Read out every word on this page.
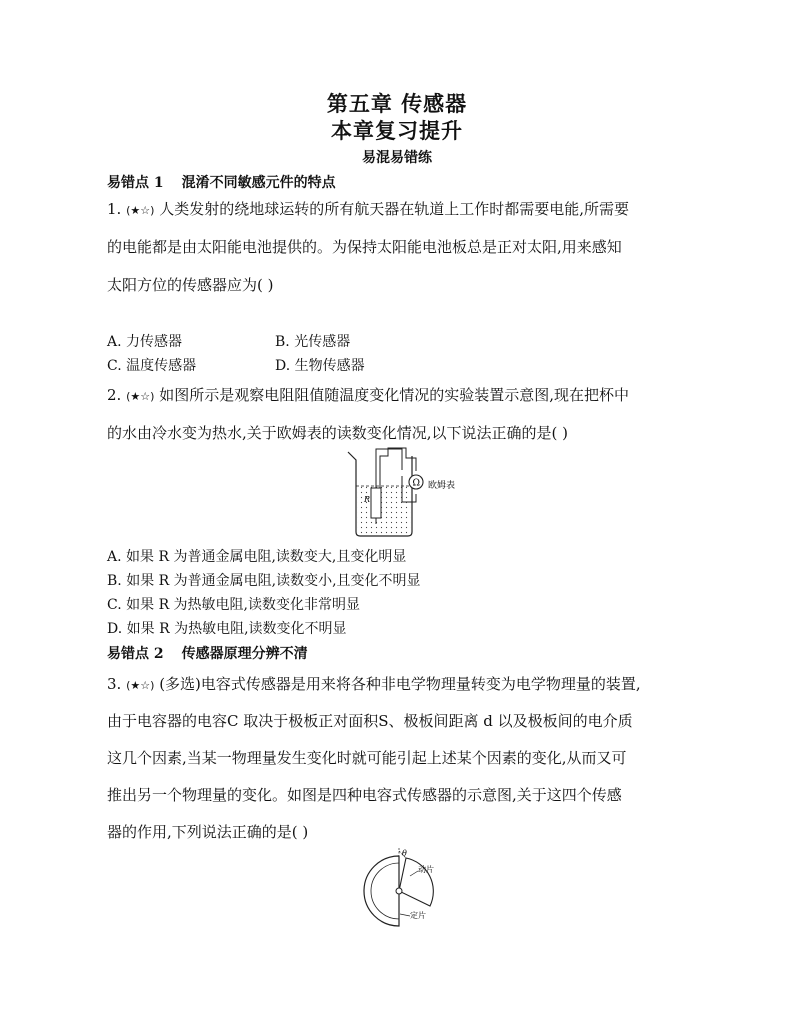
第五章 传感器
本章复习提升
易混易错练
易错点 1 混淆不同敏感元件的特点
1. (★☆) 人类发射的绕地球运转的所有航天器在轨道上工作时都需要电能,所需要
的电能都是由太阳能电池提供的。为保持太阳能电池板总是正对太阳,用来感知
太阳方位的传感器应为( )
A. 力传感器	B. 光传感器
C. 温度传感器	D. 生物传感器
2. (★☆) 如图所示是观察电阻阻值随温度变化情况的实验装置示意图,现在把杯中
的水由冷水变为热水,关于欧姆表的读数变化情况,以下说法正确的是( )
R
Ω 欧姆表
A. 如果 R 为普通金属电阻,读数变大,且变化明显
B. 如果 R 为普通金属电阻,读数变小,且变化不明显
C. 如果 R 为热敏电阻,读数变化非常明显
D. 如果 R 为热敏电阻,读数变化不明显
易错点 2 传感器原理分辨不清
3. (★☆) (多选)电容式传感器是用来将各种非电学物理量转变为电学物理量的装置,
由于电容器的电容C 取决于极板正对面积S、极板间距离 d 以及极板间的电介质
这几个因素,当某一物理量发生变化时就可能引起上述某个因素的变化,从而又可
推出另一个物理量的变化。如图是四种电容式传感器的示意图,关于这四个传感
器的作用,下列说法正确的是( )
θ
动片
定片
